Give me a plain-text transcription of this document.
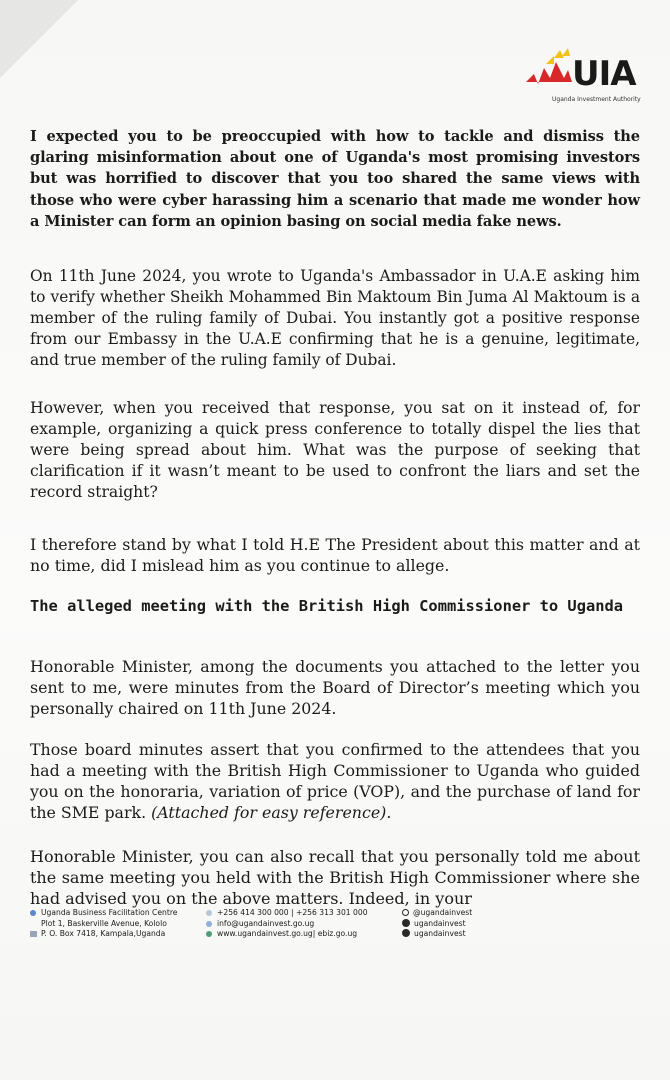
UIA
Uganda Investment Authority

I expected you to be preoccupied with how to tackle and dismiss the glaring misinformation about one of Uganda's most promising investors but was horrified to discover that you too shared the same views with those who were cyber harassing him a scenario that made me wonder how a Minister can form an opinion basing on social media fake news.

On 11th June 2024, you wrote to Uganda's Ambassador in U.A.E asking him to verify whether Sheikh Mohammed Bin Maktoum Bin Juma Al Maktoum is a member of the ruling family of Dubai. You instantly got a positive response from our Embassy in the U.A.E confirming that he is a genuine, legitimate, and true member of the ruling family of Dubai.

However, when you received that response, you sat on it instead of, for example, organizing a quick press conference to totally dispel the lies that were being spread about him. What was the purpose of seeking that clarification if it wasn’t meant to be used to confront the liars and set the record straight?

I therefore stand by what I told H.E The President about this matter and at no time, did I mislead him as you continue to allege.

The alleged meeting with the British High Commissioner to Uganda

Honorable Minister, among the documents you attached to the letter you sent to me, were minutes from the Board of Director’s meeting which you personally chaired on 11th June 2024.

Those board minutes assert that you confirmed to the attendees that you had a meeting with the British High Commissioner to Uganda who guided you on the honoraria, variation of price (VOP), and the purchase of land for the SME park. (Attached for easy reference).

Honorable Minister, you can also recall that you personally told me about the same meeting you held with the British High Commissioner where she had advised you on the above matters. Indeed, in your

Uganda Business Facilitation Centre
Plot 1, Baskerville Avenue, Kololo
P. O. Box 7418, Kampala,Uganda
+256 414 300 000 | +256 313 301 000
info@ugandainvest.go.ug
www.ugandainvest.go.ug| ebiz.go.ug
@ugandainvest
ugandainvest
ugandainvest
